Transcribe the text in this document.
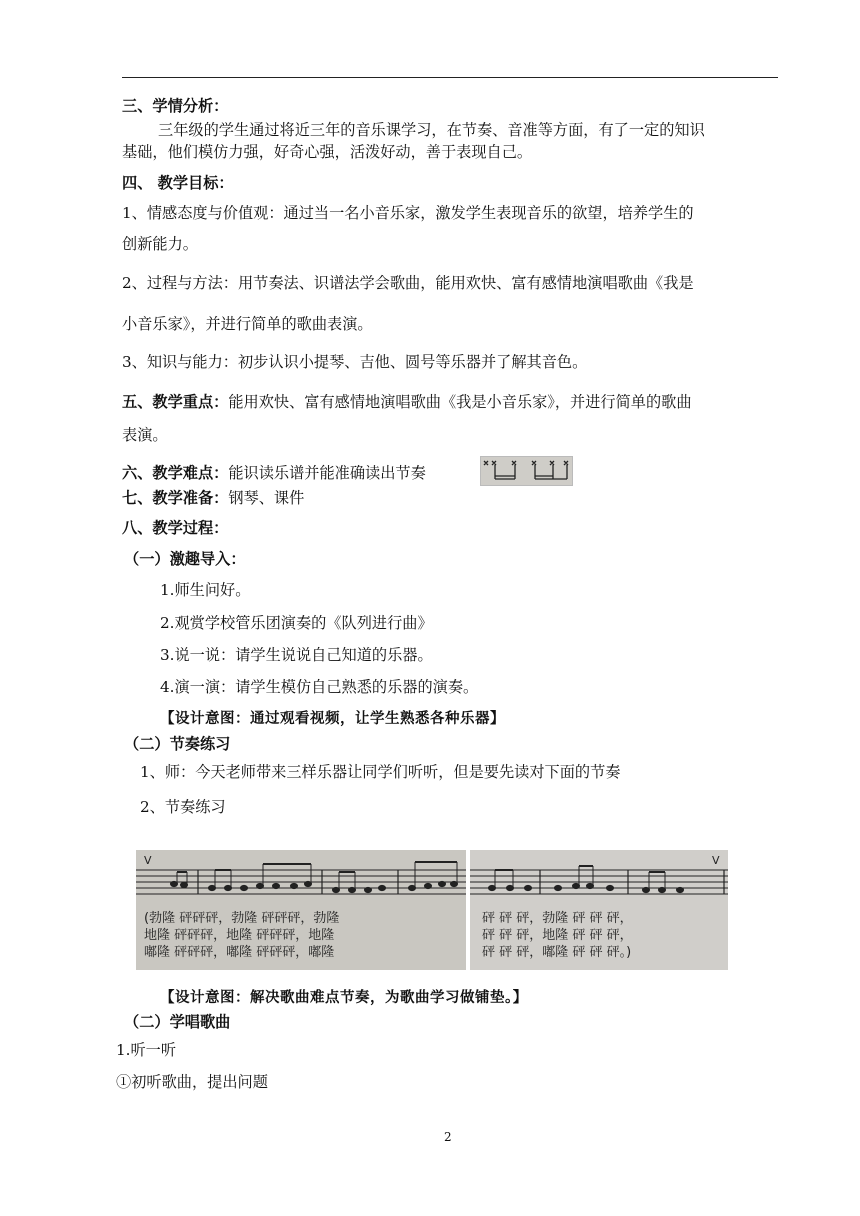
三、学情分析：
三年级的学生通过将近三年的音乐课学习，在节奏、音准等方面，有了一定的知识
基础，他们模仿力强，好奇心强，活泼好动，善于表现自己。
四、 教学目标：
1、情感态度与价值观：通过当一名小音乐家，激发学生表现音乐的欲望，培养学生的
创新能力。
2、过程与方法：用节奏法、识谱法学会歌曲，能用欢快、富有感情地演唱歌曲《我是
小音乐家》，并进行简单的歌曲表演。
3、知识与能力：初步认识小提琴、吉他、圆号等乐器并了解其音色。
五、教学重点：能用欢快、富有感情地演唱歌曲《我是小音乐家》，并进行简单的歌曲
表演。
六、教学难点：能识读乐谱并能准确读出节奏
七、教学准备：钢琴、课件
八、教学过程：
（一）激趣导入：
1.师生问好。
2.观赏学校管乐团演奏的《队列进行曲》
3.说一说：请学生说说自己知道的乐器。
4.演一演：请学生模仿自己熟悉的乐器的演奏。
【设计意图：通过观看视频，让学生熟悉各种乐器】
（二）节奏练习
1、师：今天老师带来三样乐器让同学们听听，但是要先读对下面的节奏
2、节奏练习
V
(勃隆 砰砰砰，勃隆 砰砰砰，勃隆
地隆 砰砰砰，地隆 砰砰砰，地隆
嘟隆 砰砰砰，嘟隆 砰砰砰，嘟隆
V
砰 砰 砰，勃隆 砰 砰 砰，
砰 砰 砰，地隆 砰 砰 砰，
砰 砰 砰，嘟隆 砰 砰 砰。)
【设计意图：解决歌曲难点节奏，为歌曲学习做铺垫。】
（二）学唱歌曲
1.听一听
①初听歌曲，提出问题
2
